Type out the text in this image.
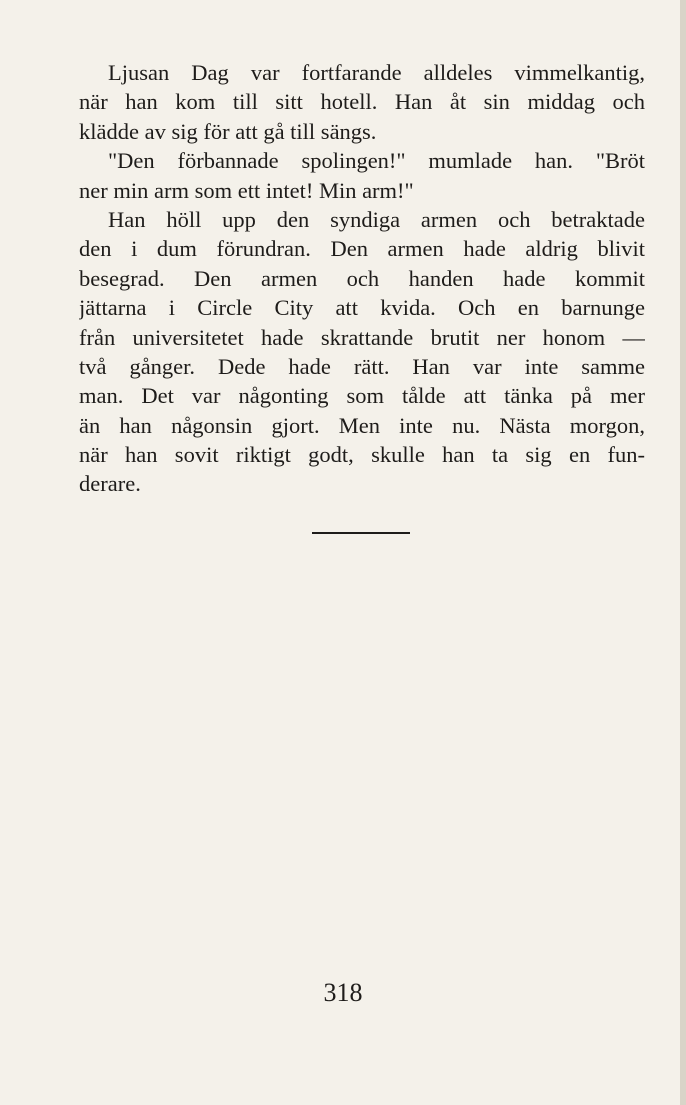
Ljusan Dag var fortfarande alldeles vimmelkantig,
när han kom till sitt hotell. Han åt sin middag och
klädde av sig för att gå till sängs.
"Den förbannade spolingen!" mumlade han. "Bröt
ner min arm som ett intet! Min arm!"
Han höll upp den syndiga armen och betraktade
den i dum förundran. Den armen hade aldrig blivit
besegrad. Den armen och handen hade kommit
jättarna i Circle City att kvida. Och en barnunge
från universitetet hade skrattande brutit ner honom —
två gånger. Dede hade rätt. Han var inte samme
man. Det var någonting som tålde att tänka på mer
än han någonsin gjort. Men inte nu. Nästa morgon,
när han sovit riktigt godt, skulle han ta sig en fun-
derare.
318
